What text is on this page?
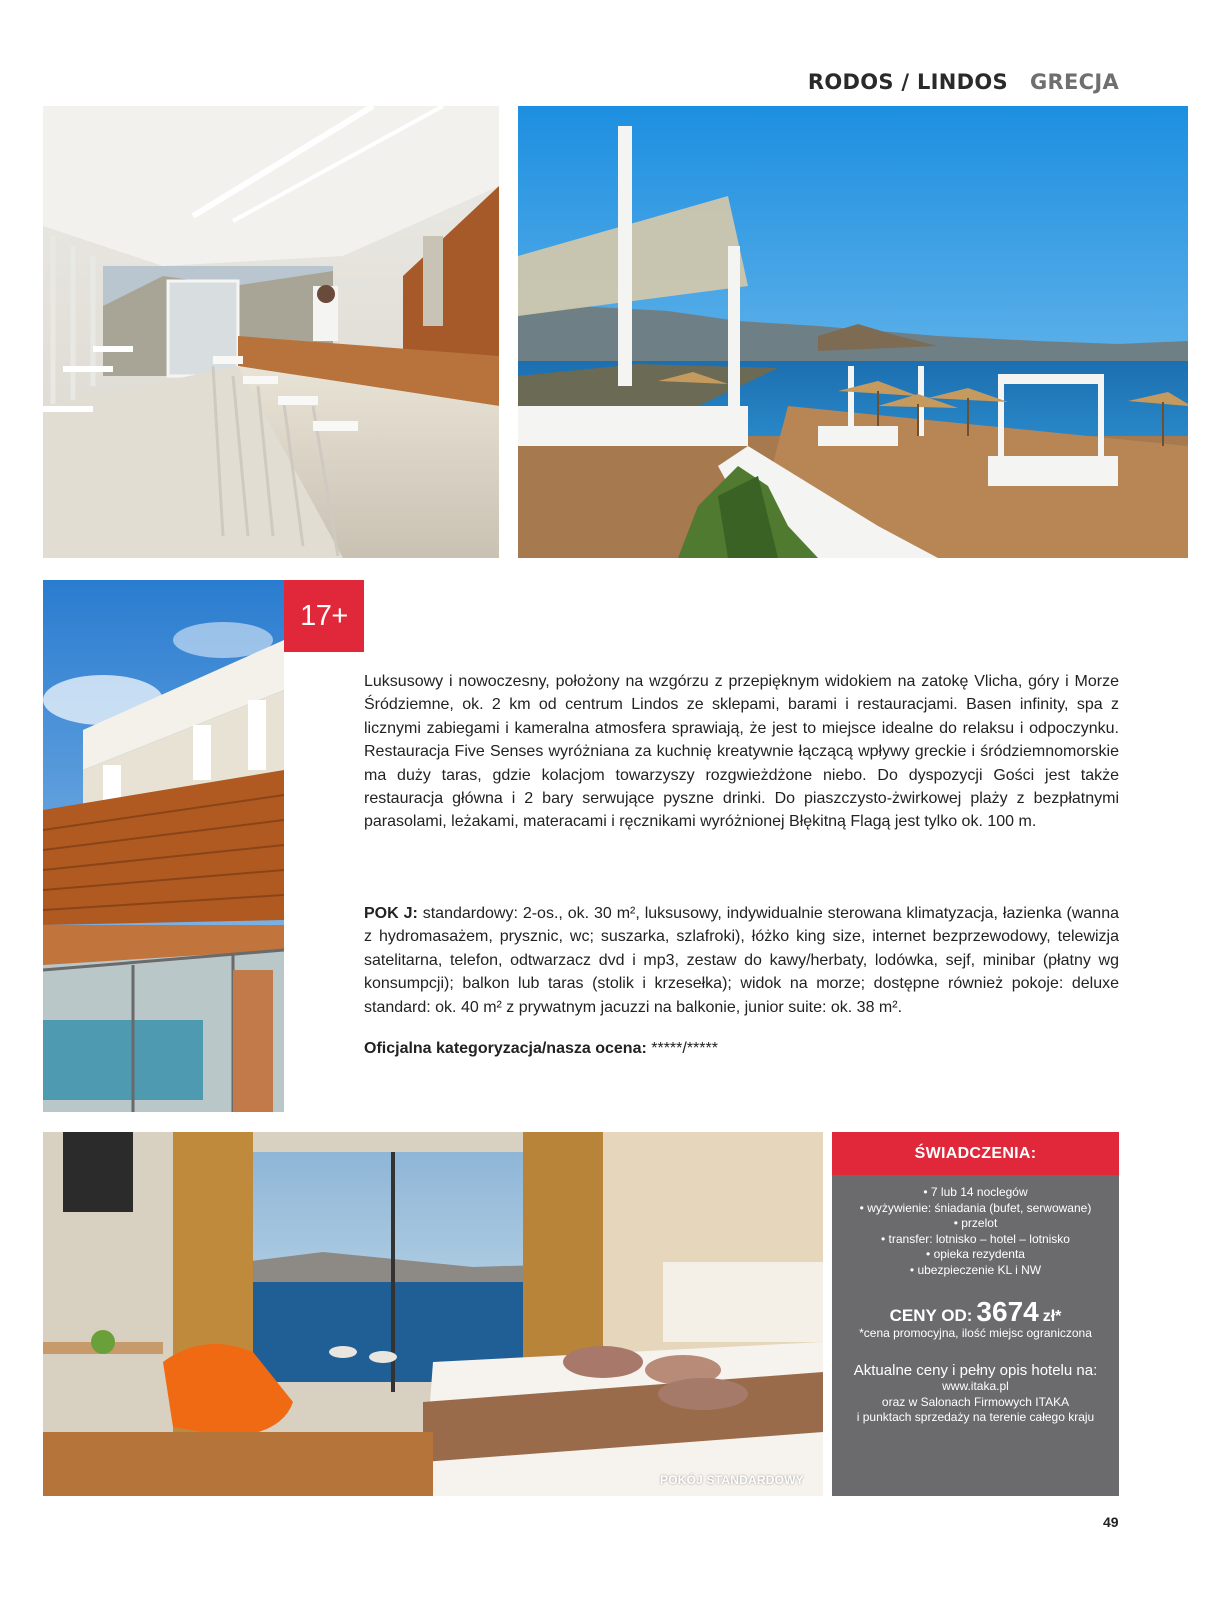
RODOS / LINDOS GRECJA
17+
Luksusowy i nowoczesny, położony na wzgórzu z przepięknym widokiem na zatokę Vlicha, góry i Morze Śródziemne, ok. 2 km od centrum Lindos ze sklepami, barami i restauracjami. Basen infinity, spa z licznymi zabiegami i kameralna atmosfera sprawiają, że jest to miejsce idealne do relaksu i odpoczynku. Restauracja Five Senses wyróżniana za kuchnię kreatywnie łączącą wpływy greckie i śródziemnomorskie ma duży taras, gdzie kolacjom towarzyszy rozgwieżdżone niebo. Do dyspozycji Gości jest także restauracja główna i 2 bary serwujące pyszne drinki. Do piaszczysto-żwirkowej plaży z bezpłatnymi parasolami, leżakami, materacami i ręcznikami wyróżnionej Błękitną Flagą jest tylko ok. 100 m.
POK J: standardowy: 2-os., ok. 30 m², luksusowy, indywidualnie sterowana klimatyzacja, łazienka (wanna z hydromasażem, prysznic, wc; suszarka, szlafroki), łóżko king size, internet bezprzewodowy, telewizja satelitarna, telefon, odtwarzacz dvd i mp3, zestaw do kawy/herbaty, lodówka, sejf, minibar (płatny wg konsumpcji); balkon lub taras (stolik i krzesełka); widok na morze; dostępne również pokoje: deluxe standard: ok. 40 m² z prywatnym jacuzzi na balkonie, junior suite: ok. 38 m².
Oficjalna kategoryzacja/nasza ocena: *****/*****
POKÓJ STANDARDOWY
ŚWIADCZENIA:
• 7 lub 14 noclegów
• wyżywienie: śniadania (bufet, serwowane)
• przelot
• transfer: lotnisko – hotel – lotnisko
• opieka rezydenta
• ubezpieczenie KL i NW
CENY OD: 3674 zł*
*cena promocyjna, ilość miejsc ograniczona
Aktualne ceny i pełny opis hotelu na:
www.itaka.pl
oraz w Salonach Firmowych ITAKA
i punktach sprzedaży na terenie całego kraju
49
